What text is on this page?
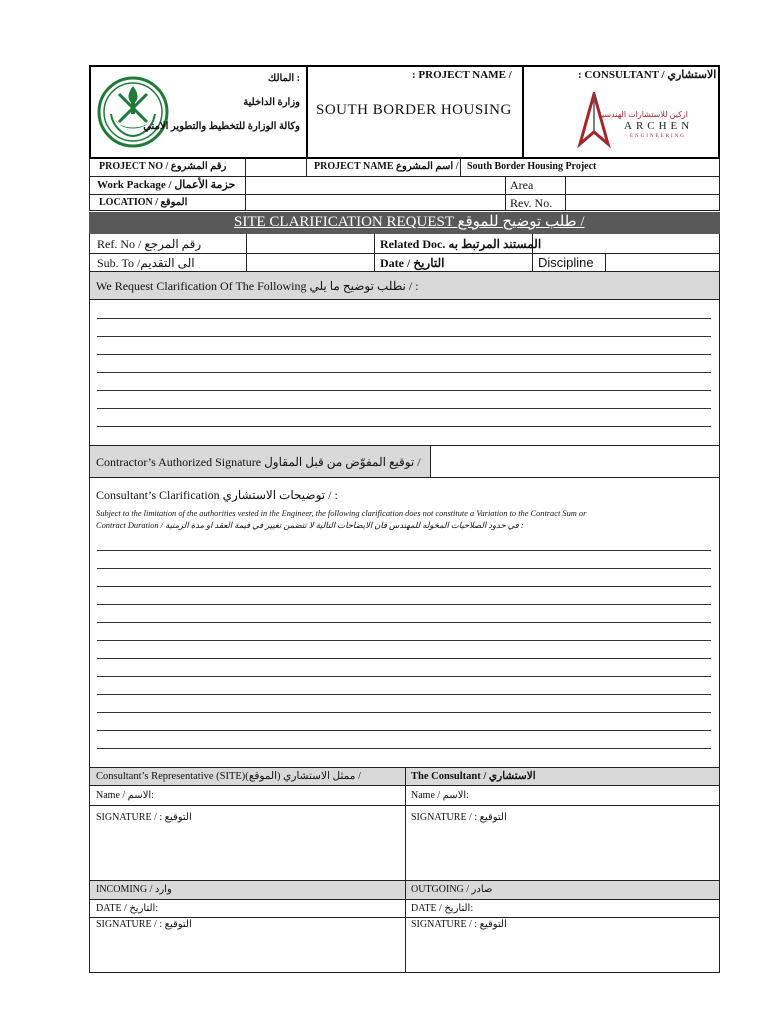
: المالك
وزارة الداخلية
وكالة الوزارة للتخطيط والتطوير الامني
: PROJECT NAME /
SOUTH BORDER HOUSING
: CONSULTANT / الاستشاري
اركين للاستشارات الهندسية
ARCHEN
ENGINEERING
PROJECT NO / رقم المشروع	PROJECT NAME اسم المشروع / South Border Housing Project
Work Package / حزمة الأعمال	Area
LOCATION / الموقع	Rev. No.
SITE CLARIFICATION REQUEST طلب توضيح للموقع /
Ref. No / رقم المرجع	Related Doc. المستند المرتبط به
Sub. To /الى التقديم	Date / التاريخ	Discipline
We Request Clarification Of The Following نطلب توضيح ما يلي / :
Contractor’s Authorized Signature توقيع المفوّض من قبل المقاول /
Consultant’s Clarification توضيحات الاستشاري / :
Subject to the limitation of the authorities vested in the Engineer, the following clarification does not constitute a Variation to the Contract Sum or
Contract Duration / في حدود الصلاحيات المخوله للمهندس فان الايضاحات التالية لا تتضمن تغيير في قيمة العقد او مدة الزمنية :
Consultant’s Representative (SITE)(ممثل الاستشاري (الموقع /	The Consultant / الاستشاري
Name / الاسم:	Name / الاسم:
SIGNATURE / : التوقيع	SIGNATURE / : التوقيع
INCOMING / وارد	OUTGOING / صادر
DATE / التاريخ:	DATE / التاريخ:
SIGNATURE / : التوقيع	SIGNATURE / : التوقيع
